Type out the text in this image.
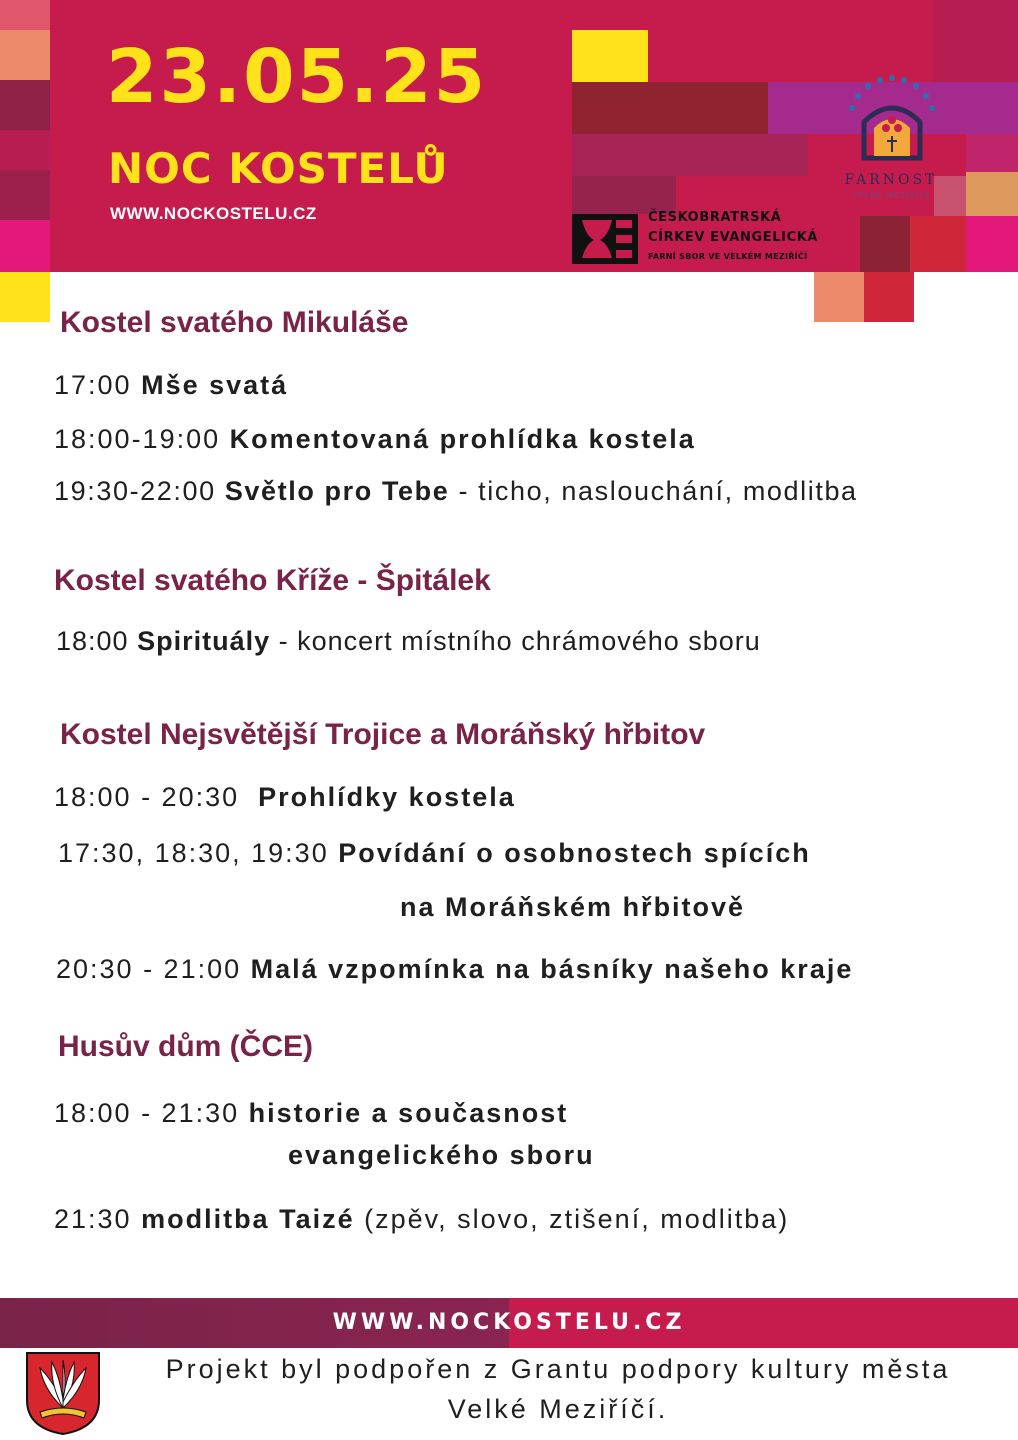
23.05.25
NOC KOSTELŮ
WWW.NOCKOSTELU.CZ
FARNOST
VELKÉ MEZIŘÍČÍ
ČESKOBRATRSKÁ
CÍRKEV EVANGELICKÁ
FARNÍ SBOR VE VELKÉM MEZIŘÍČÍ
Kostel svatého Mikuláše
17:00 Mše svatá
18:00-19:00 Komentovaná prohlídka kostela
19:30-22:00 Světlo pro Tebe - ticho, naslouchání, modlitba
Kostel svatého Kříže - Špitálek
18:00 Spirituály - koncert místního chrámového sboru
Kostel Nejsvětější Trojice a Moráňský hřbitov
18:00 - 20:30  Prohlídky kostela
17:30, 18:30, 19:30 Povídání o osobnostech spících
na Moráňském hřbitově
20:30 - 21:00 Malá vzpomínka na básníky našeho kraje
Husův dům (ČCE)
18:00 - 21:30 historie a současnost
evangelického sboru
21:30 modlitba Taizé (zpěv, slovo, ztišení, modlitba)
WWW.NOCKOSTELU.CZ
Projekt byl podpořen z Grantu podpory kultury města
Velké Meziříčí.
